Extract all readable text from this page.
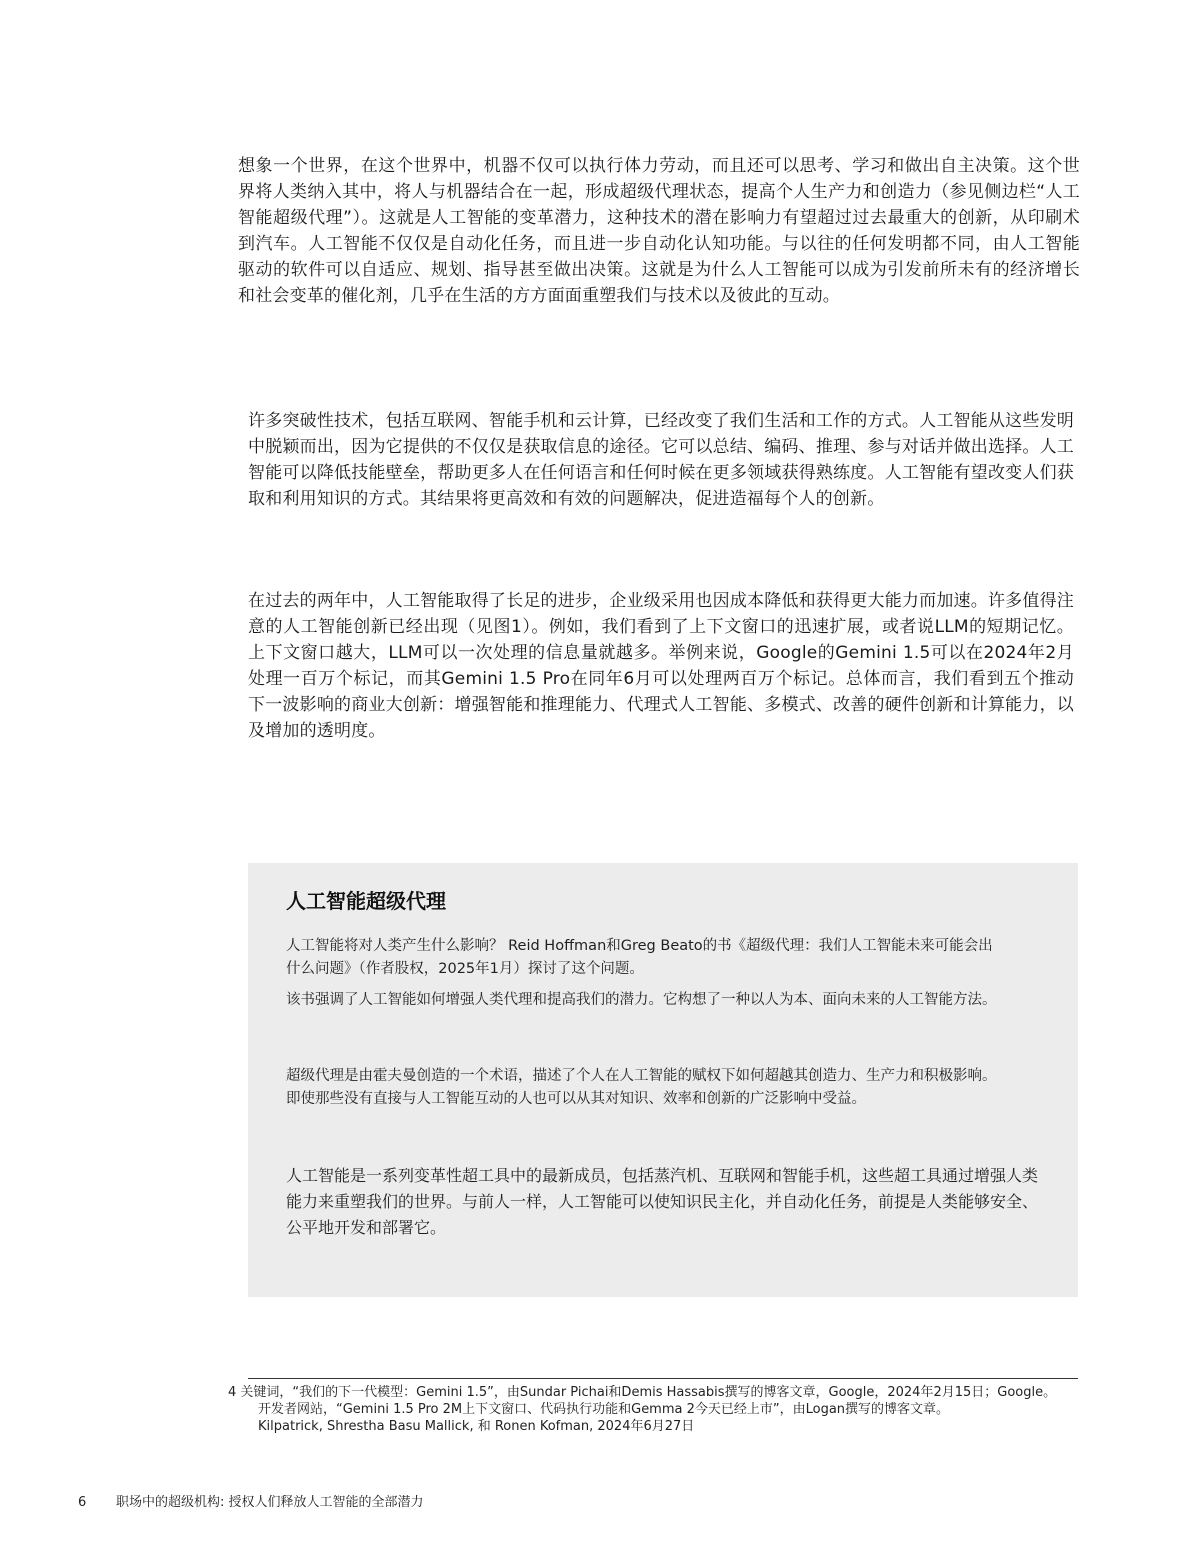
想象一个世界，在这个世界中，机器不仅可以执行体力劳动，而且还可以思考、学习和做出自主决策。这个世界将人类纳入其中，将人与机器结合在一起，形成超级代理状态，提高个人生产力和创造力（参见侧边栏“人工智能超级代理”）。这就是人工智能的变革潜力，这种技术的潜在影响力有望超过过去最重大的创新，从印刷术到汽车。人工智能不仅仅是自动化任务，而且进一步自动化认知功能。与以往的任何发明都不同，由人工智能驱动的软件可以自适应、规划、指导甚至做出决策。这就是为什么人工智能可以成为引发前所未有的经济增长和社会变革的催化剂，几乎在生活的方方面面重塑我们与技术以及彼此的互动。

许多突破性技术，包括互联网、智能手机和云计算，已经改变了我们生活和工作的方式。人工智能从这些发明中脱颖而出，因为它提供的不仅仅是获取信息的途径。它可以总结、编码、推理、参与对话并做出选择。人工智能可以降低技能壁垒，帮助更多人在任何语言和任何时候在更多领域获得熟练度。人工智能有望改变人们获取和利用知识的方式。其结果将更高效和有效的问题解决，促进造福每个人的创新。

在过去的两年中，人工智能取得了长足的进步，企业级采用也因成本降低和获得更大能力而加速。许多值得注意的人工智能创新已经出现（见图1）。例如，我们看到了上下文窗口的迅速扩展，或者说LLM的短期记忆。上下文窗口越大，LLM可以一次处理的信息量就越多。举例来说，Google的Gemini 1.5可以在2024年2月处理一百万个标记，而其Gemini 1.5 Pro在同年6月可以处理两百万个标记。总体而言，我们看到五个推动下一波影响的商业大创新：增强智能和推理能力、代理式人工智能、多模式、改善的硬件创新和计算能力，以及增加的透明度。

人工智能超级代理

人工智能将对人类产生什么影响？ Reid Hoffman和Greg Beato的书《超级代理：我们人工智能未来可能会出什么问题》（作者股权，2025年1月）探讨了这个问题。

该书强调了人工智能如何增强人类代理和提高我们的潜力。它构想了一种以人为本、面向未来的人工智能方法。

超级代理是由霍夫曼创造的一个术语，描述了个人在人工智能的赋权下如何超越其创造力、生产力和积极影响。即使那些没有直接与人工智能互动的人也可以从其对知识、效率和创新的广泛影响中受益。

人工智能是一系列变革性超工具中的最新成员，包括蒸汽机、互联网和智能手机，这些超工具通过增强人类能力来重塑我们的世界。与前人一样，人工智能可以使知识民主化，并自动化任务，前提是人类能够安全、公平地开发和部署它。

4 关键词，“我们的下一代模型：Gemini 1.5”，由Sundar Pichai和Demis Hassabis撰写的博客文章，Google，2024年2月15日；Google。
开发者网站，“Gemini 1.5 Pro 2M上下文窗口、代码执行功能和Gemma 2今天已经上市”，由Logan撰写的博客文章。
Kilpatrick, Shrestha Basu Mallick, 和 Ronen Kofman, 2024年6月27日
6 职场中的超级机构: 授权人们释放人工智能的全部潜力
